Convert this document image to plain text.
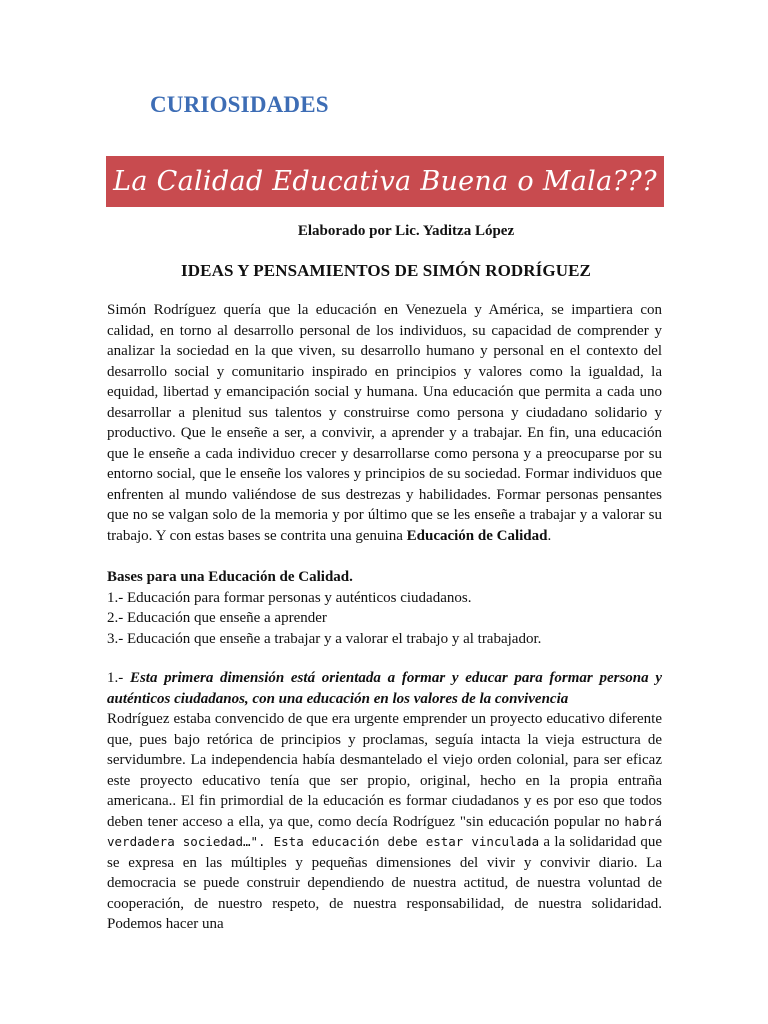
CURIOSIDADES
La Calidad Educativa Buena o Mala???
Elaborado por Lic. Yaditza López
IDEAS Y PENSAMIENTOS DE SIMÓN RODRÍGUEZ
Simón Rodríguez quería que la educación en Venezuela y América, se impartiera con calidad, en torno al desarrollo personal de los individuos, su capacidad de comprender y analizar la sociedad en la que viven, su desarrollo humano y personal en el contexto del desarrollo social y comunitario inspirado en principios y valores como la igualdad, la equidad, libertad y emancipación social y humana. Una educación que permita a cada uno desarrollar a plenitud sus talentos y construirse como persona y ciudadano solidario y productivo. Que le enseñe a ser, a convivir, a aprender y a trabajar. En fin, una educación que le enseñe a cada individuo crecer y desarrollarse como persona y a preocuparse por su entorno social, que le enseñe los valores y principios de su sociedad. Formar individuos que enfrenten al mundo valiéndose de sus destrezas y habilidades. Formar personas pensantes que no se valgan solo de la memoria y por último que se les enseñe a trabajar y a valorar su trabajo. Y con estas bases se contrita una genuina Educación de Calidad.
Bases para una Educación de Calidad.
1.- Educación para formar personas y auténticos ciudadanos.
2.- Educación que enseñe a aprender
3.- Educación que enseñe a trabajar y a valorar el trabajo y al trabajador.
1.- Esta primera dimensión está orientada a formar y educar para formar persona y auténticos ciudadanos, con una educación en los valores de la convivencia
Rodríguez estaba convencido de que era urgente emprender un proyecto educativo diferente que, pues bajo retórica de principios y proclamas, seguía intacta la vieja estructura de servidumbre. La independencia había desmantelado el viejo orden colonial, para ser eficaz este proyecto educativo tenía que ser propio, original, hecho en la propia entraña americana.. El fin primordial de la educación es formar ciudadanos y es por eso que todos deben tener acceso a ella, ya que, como decía Rodríguez "sin educación popular no habrá verdadera sociedad…". Esta educación debe estar vinculada a la solidaridad que se expresa en las múltiples y pequeñas dimensiones del vivir y convivir diario. La democracia se puede construir dependiendo de nuestra actitud, de nuestra voluntad de cooperación, de nuestro respeto, de nuestra responsabilidad, de nuestra solidaridad. Podemos hacer una
